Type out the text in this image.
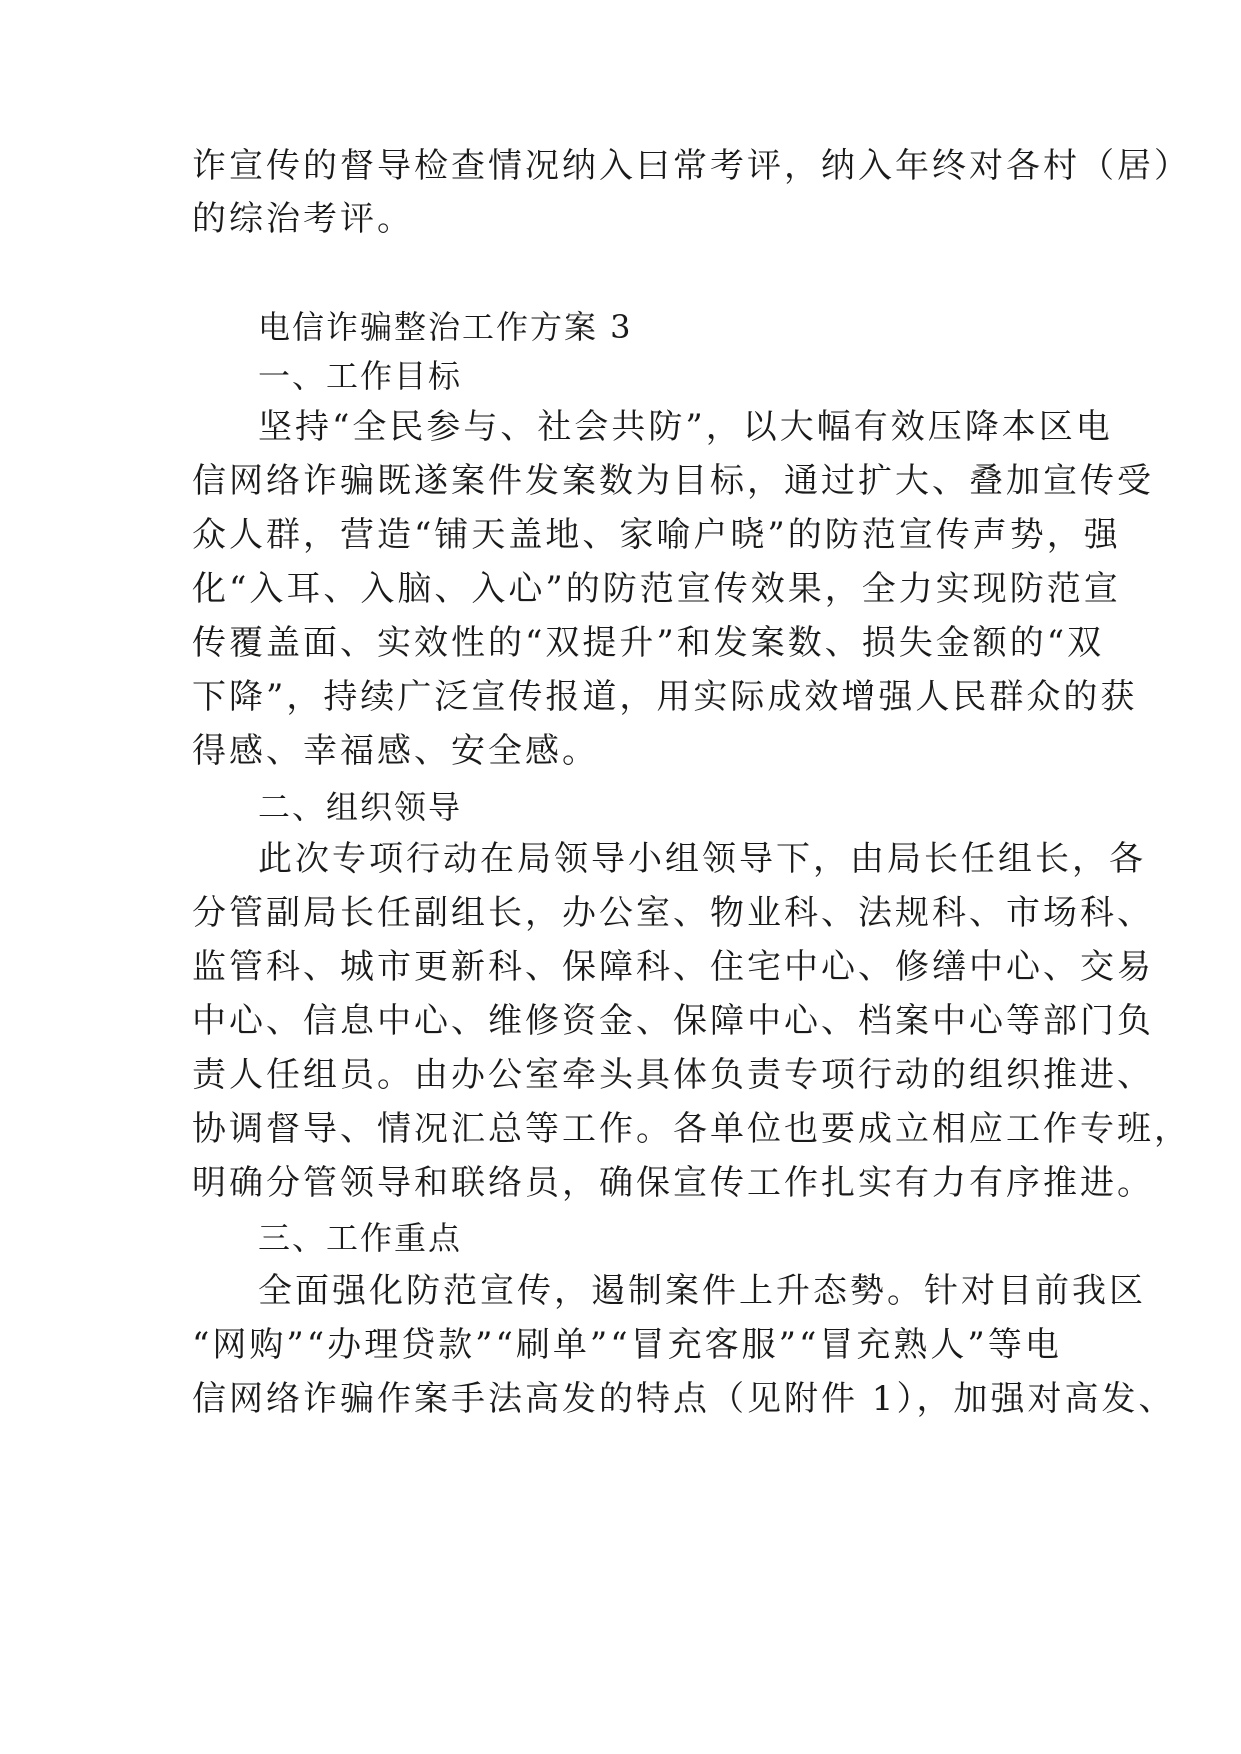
诈宣传的督导检查情况纳入曰常考评，纳入年终对各村（居）
的综治考评。
电信诈骗整治工作方案 3
一、工作目标
坚持“全民参与、社会共防”，以大幅有效压降本区电
信网络诈骗既遂案件发案数为目标，通过扩大、叠加宣传受
众人群，营造“铺天盖地、家喻户晓”的防范宣传声势，强
化“入耳、入脑、入心”的防范宣传效果，全力实现防范宣
传覆盖面、实效性的“双提升”和发案数、损失金额的“双
下降”，持续广泛宣传报道，用实际成效增强人民群众的获
得感、幸福感、安全感。
二、组织领导
此次专项行动在局领导小组领导下，由局长任组长，各
分管副局长任副组长，办公室、物业科、法规科、市场科、
监管科、城市更新科、保障科、住宅中心、修缮中心、交易
中心、信息中心、维修资金、保障中心、档案中心等部门负
责人任组员。由办公室牵头具体负责专项行动的组织推进、
协调督导、情况汇总等工作。各单位也要成立相应工作专班，
明确分管领导和联络员，确保宣传工作扎实有力有序推进。
三、工作重点
全面强化防范宣传，遏制案件上升态勢。针对目前我区
“网购”“办理贷款”“刷单”“冒充客服”“冒充熟人”等电
信网络诈骗作案手法高发的特点（见附件 1），加强对高发、
